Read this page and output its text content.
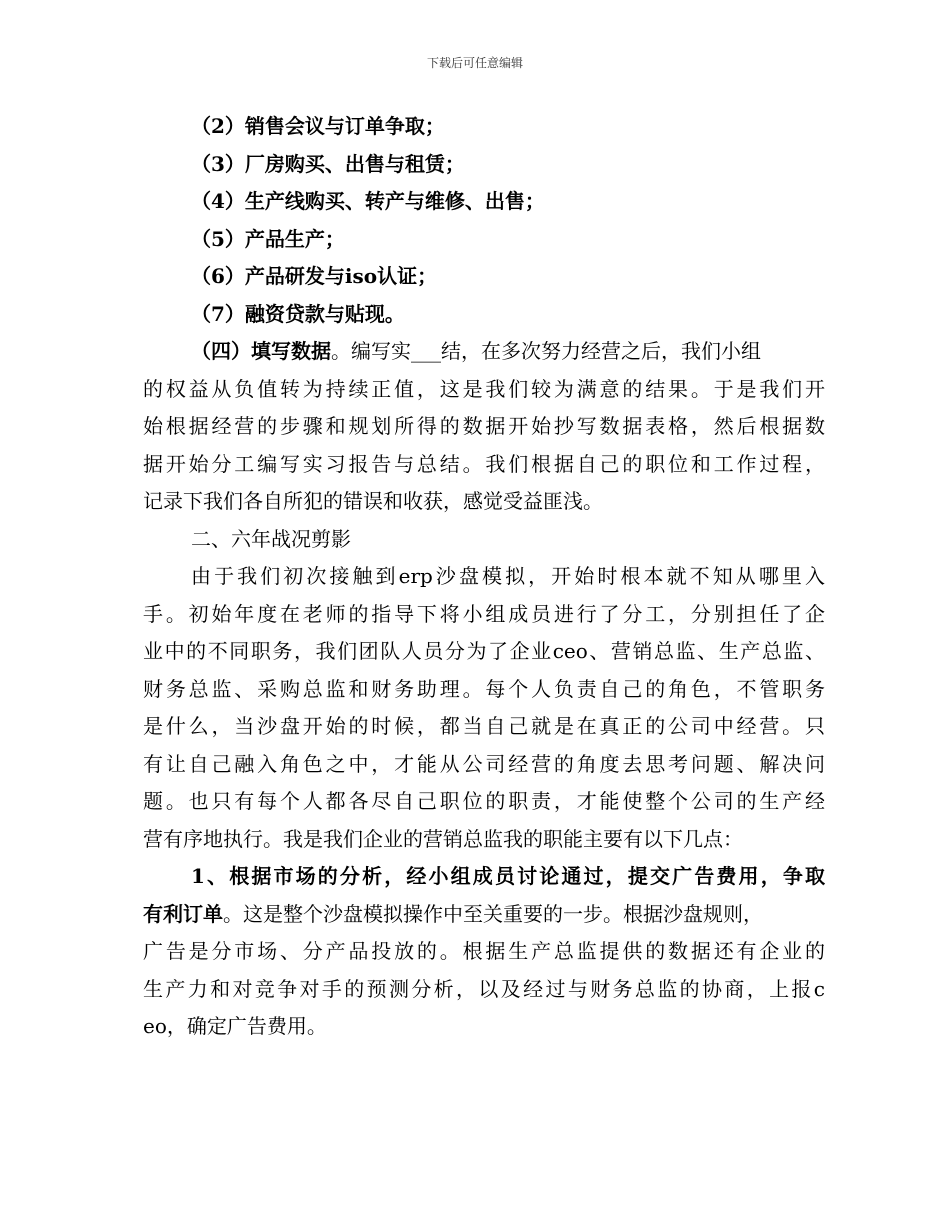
下载后可任意编辑

（2）销售会议与订单争取；

（3）厂房购买、出售与租赁；

（4）生产线购买、转产与维修、出售；

（5）产品生产；

（6）产品研发与iso认证；

（7）融资贷款与贴现。

（四）填写数据。编写实___结，在多次努力经营之后，我们小组

的权益从负值转为持续正值，这是我们较为满意的结果。于是我们开

始根据经营的步骤和规划所得的数据开始抄写数据表格，然后根据数

据开始分工编写实习报告与总结。我们根据自己的职位和工作过程，

记录下我们各自所犯的错误和收获，感觉受益匪浅。

二、六年战况剪影

由于我们初次接触到erp沙盘模拟，开始时根本就不知从哪里入

手。初始年度在老师的指导下将小组成员进行了分工，分别担任了企

业中的不同职务，我们团队人员分为了企业ceo、营销总监、生产总监、

财务总监、采购总监和财务助理。每个人负责自己的角色，不管职务

是什么，当沙盘开始的时候，都当自己就是在真正的公司中经营。只

有让自己融入角色之中，才能从公司经营的角度去思考问题、解决问

题。也只有每个人都各尽自己职位的职责，才能使整个公司的生产经

营有序地执行。我是我们企业的营销总监我的职能主要有以下几点：

1、根据市场的分析，经小组成员讨论通过，提交广告费用，争取

有利订单。这是整个沙盘模拟操作中至关重要的一步。根据沙盘规则，

广告是分市场、分产品投放的。根据生产总监提供的数据还有企业的

生产力和对竞争对手的预测分析，以及经过与财务总监的协商，上报c

eo，确定广告费用。
